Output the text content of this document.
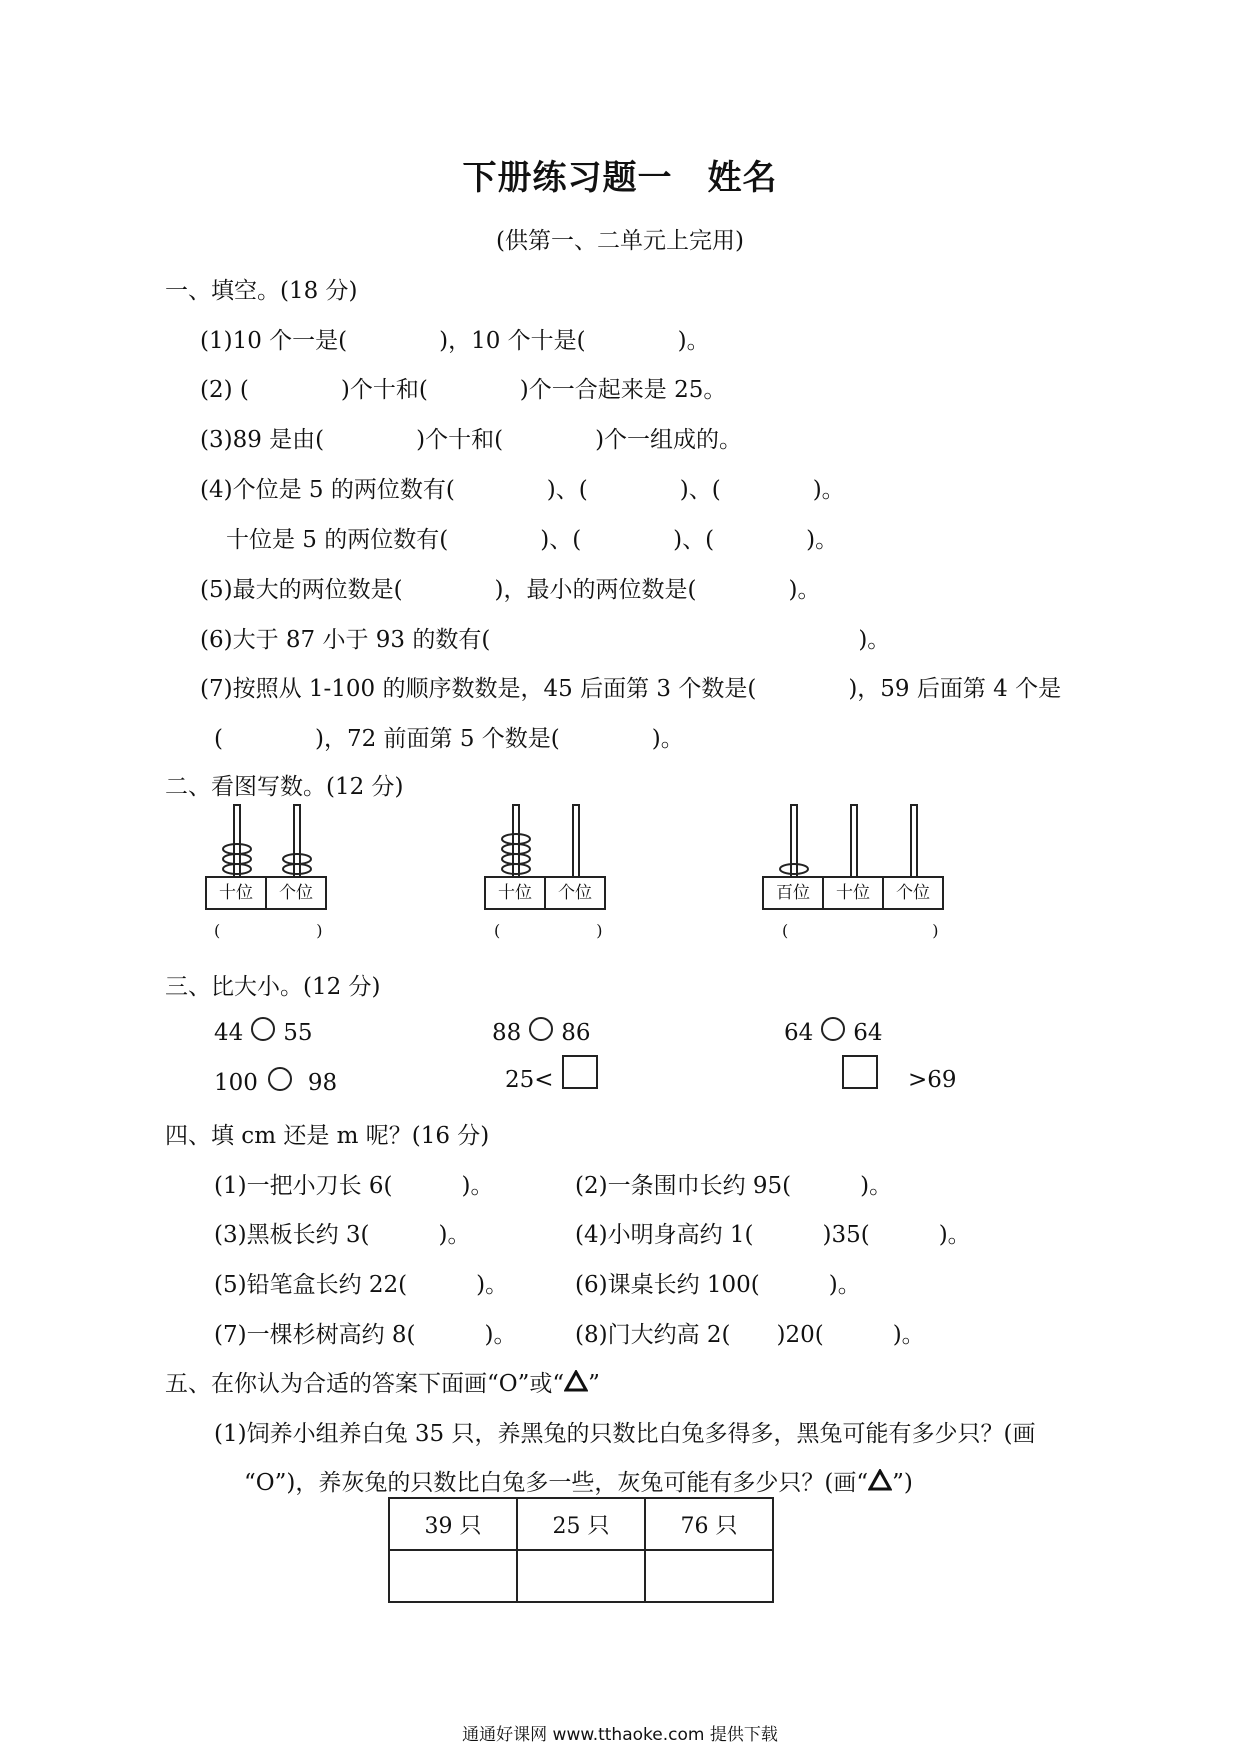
下册练习题一　姓名
(供第一、二单元上完用)
一、填空。(18 分)
(1)10 个一是(　　　　)，10 个十是(　　　　)。
(2) (　　　　)个十和(　　　　)个一合起来是 25。
(3)89 是由(　　　　)个十和(　　　　)个一组成的。
(4)个位是 5 的两位数有(　　　　)、(　　　　)、(　　　　)。
十位是 5 的两位数有(　　　　)、(　　　　)、(　　　　)。
(5)最大的两位数是(　　　　)，最小的两位数是(　　　　)。
(6)大于 87 小于 93 的数有(　　　　　　　　　　　　　　　　)。
(7)按照从 1-100 的顺序数数是，45 后面第 3 个数是(　　　　)，59 后面第 4 个是
(　　　　)，72 前面第 5 个数是(　　　　)。
二、看图写数。(12 分)
十位	个位
(　　　　　　)
十位	个位
(　　　　　　)
百位	十位	个位
(　　　　　　　　　)
三、比大小。(12 分)
44 55	88 86	64 64
100 98	25<	>69
四、填 cm 还是 m 呢？(16 分)
(1)一把小刀长 6(　　　)。	(2)一条围巾长约 95(　　　)。
(3)黑板长约 3(　　　)。	(4)小明身高约 1(　　　)35(　　　)。
(5)铅笔盒长约 22(　　　)。	(6)课桌长约 100(　　　)。
(7)一棵杉树高约 8(　　　)。	(8)门大约高 2(　　)20(　　　)。
五、在你认为合适的答案下面画“O”或“ ”
(1)饲养小组养白兔 35 只，养黑兔的只数比白兔多得多，黑兔可能有多少只？(画
“O”)，养灰兔的只数比白兔多一些，灰兔可能有多少只？(画“ ”)
39 只	25 只	76 只

通通好课网 www.tthaoke.com 提供下载
